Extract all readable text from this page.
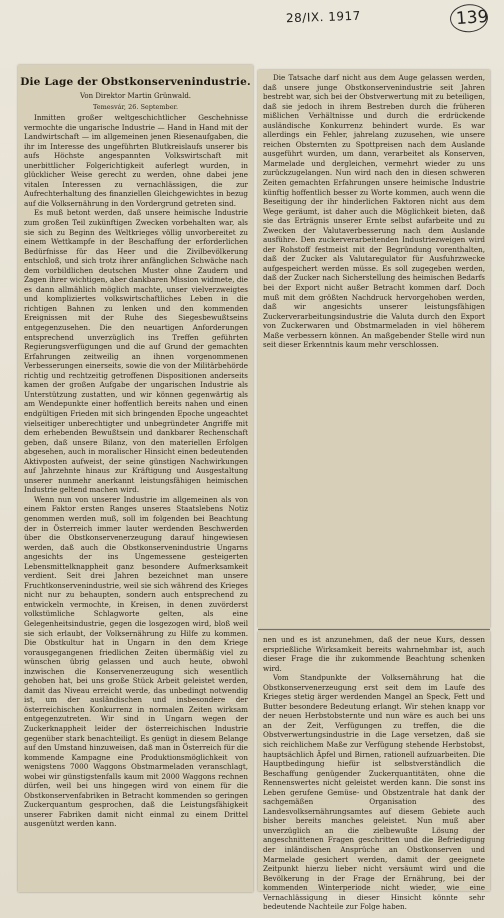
28/IX. 1917	139
Die Lage der Obstkonservenindustrie.
Von Direktor Martin Grünwald.
Temesvár, 26. September.

Inmitten großer weltgeschichtlicher Geschehnisse vermochte die ungarische Industrie — Hand in Hand mit der Landwirtschaft — im allgemeinen jenen Riesenaufgaben, die ihr im Interesse des ungeführten Blutkreislaufs unserer bis aufs Höchste angespannten Volkswirtschaft mit unerbittlicher Folgerichtigkeit auferlegt wurden, in glücklicher Weise gerecht zu werden, ohne dabei jene vitalen Interessen zu vernachlässigen, die zur Aufrechterhaltung des finanziellen Gleichgewichtes in bezug auf die Volksernährung in den Vordergrund getreten sind.

Es muß betont werden, daß unsere heimische Industrie zum großen Teil zukünftigen Zwecken vorbehalten war, als sie sich zu Beginn des Weltkrieges völlig unvorbereitet zu einem Wettkampfe in der Beschaffung der erforderlichen Bedürfnisse für das Heer und die Zivilbevölkerung entschloß, und sich trotz ihrer anfänglichen Schwäche nach dem vorbildlichen deutschen Muster ohne Zaudern und Zagen ihrer wichtigen, aber dankbaren Mission widmete, die es dann allmählich möglich machte, unser vielverzweigtes und kompliziertes volkswirtschaftliches Leben in die richtigen Bahnen zu lenken und den kommenden Ereignissen mit der Ruhe des Siegesbewußtseins entgegenzusehen. Die den neuartigen Anforderungen entsprechend unverzüglich ins Treffen geführten Regierungsverfügungen und die auf Grund der gemachten Erfahrungen zeitweilig an ihnen vorgenommenen Verbesserungen einerseits, sowie die von der Militärbehörde richtig und rechtzeitig getroffenen Dispositionen anderseits kamen der großen Aufgabe der ungarischen Industrie als Unterstützung zustatten, und wir können gegenwärtig als am Wendepunkte einer hoffentlich bereits nahen und einen endgültigen Frieden mit sich bringenden Epoche ungeachtet vielseitiger unberechtigter und unbegründeter Angriffe mit dem erhebenden Bewußtsein und dankbarer Rechenschaft geben, daß unsere Bilanz, von den materiellen Erfolgen abgesehen, auch in moralischer Hinsicht einen bedeutenden Aktivposten aufweist, der seine günstigen Nachwirkungen auf Jahrzehnte hinaus zur Kräftigung und Ausgestaltung unserer nunmehr anerkannt leistungsfähigen heimischen Industrie geltend machen wird.

Wenn nun von unserer Industrie im allgemeinen als von einem Faktor ersten Ranges unseres Staatslebens Notiz genommen werden muß, soll im folgenden bei Beachtung der in Österreich immer lauter werdenden Beschwerden über die Obstkonservenerzeugung darauf hingewiesen werden, daß auch die Obstkonservenindustrie Ungarns angesichts der ins Ungemessene gesteigerten Lebensmittelknappheit ganz besondere Aufmerksamkeit verdient. Seit drei Jahren bezeichnet man unsere Fruchtkonservenindustrie, weil sie sich während des Krieges nicht nur zu behaupten, sondern auch entsprechend zu entwickeln vermochte, in Kreisen, in denen zuvörderst volkstümliche Schlagworte gelten, als eine Gelegenheitsindustrie, gegen die losgezogen wird, bloß weil sie sich erlaubt, der Volksernährung zu Hilfe zu kommen. Die Obstkultur hat in Ungarn in den dem Kriege vorausgegangenen friedlichen Zeiten übermäßig viel zu wünschen übrig gelassen und auch heute, obwohl inzwischen die Konservenerzeugung sich wesentlich gehoben hat, bei uns große Stück Arbeit geleistet werden, damit das Niveau erreicht werde, das unbedingt notwendig ist, um der ausländischen und insbesondere der österreichischen Konkurrenz in normalen Zeiten wirksam entgegenzutreten. Wir sind in Ungarn wegen der Zuckerknappheit leider der österreichischen Industrie gegenüber stark benachteiligt. Es genügt in diesem Belange auf den Umstand hinzuweisen, daß man in Österreich für die kommende Kampagne eine Produktionsmöglichkeit von wenigstens 7000 Waggons Obstmarmeladen veranschlagt, wobei wir günstigstenfalls kaum mit 2000 Waggons rechnen dürfen, weil bei uns hingegen wird von einem für die Obstkonservenfabriken in Betracht kommenden so geringen Zuckerquantum gesprochen, daß die Leistungsfähigkeit unserer Fabriken damit nicht einmal zu einem Drittel ausgenützt werden kann.

Die Tatsache darf nicht aus dem Auge gelassen werden, daß unsere junge Obstkonservenindustrie seit Jahren bestrebt war, sich bei der Obstverwertung mit zu beteiligen, daß sie jedoch in ihrem Bestreben durch die früheren mißlichen Verhältnisse und durch die erdrückende ausländische Konkurrenz behindert wurde. Es war allerdings ein Fehler, jahrelang zuzusehen, wie unsere reichen Obsternten zu Spottpreisen nach dem Auslande ausgeführt wurden, um dann, verarbeitet als Konserven, Marmelade und dergleichen, vermehrt wieder zu uns zurückzugelangen. Nun wird nach den in diesen schweren Zeiten gemachten Erfahrungen unsere heimische Industrie künftig hoffentlich besser zu Worte kommen, auch wenn die Beseitigung der ihr hinderlichen Faktoren nicht aus dem Wege geräumt, ist daher auch die Möglichkeit bieten, daß sie das Erträgnis unserer Ernte selbst aufarbeite und zu Zwecken der Valutaverbesserung nach dem Auslande ausführe. Den zuckerverarbeitenden Industriezweigen wird der Rohstoff festmeist mit der Begründung vorenthalten, daß der Zucker als Valutaregulator für Ausfuhrzwecke aufgespeichert werden müsse. Es soll zugegeben werden, daß der Zucker nach Sicherstellung des heimischen Bedarfs bei der Export nicht außer Betracht kommen darf. Doch muß mit dem größten Nachdruck hervorgehoben werden, daß wir angesichts unserer leistungsfähigen Zuckerverarbeitungsindustrie die Valuta durch den Export von Zuckerwaren und Obstmarmeladen in viel höherem Maße verbessern können. An maßgebender Stelle wird nun seit dieser Erkenntnis kaum mehr verschlossen.

nen und es ist anzunehmen, daß der neue Kurs, dessen ersprießliche Wirksamkeit bereits wahrnehmbar ist, auch dieser Frage die ihr zukommende Beachtung schenken wird.

Vom Standpunkte der Volksernährung hat die Obstkonservenerzeugung erst seit dem im Laufe des Krieges stetig ärger werdenden Mangel an Speck, Fett und Butter besondere Bedeutung erlangt. Wir stehen knapp vor der neuen Herbstobsternte und nun wäre es auch bei uns an der Zeit, Verfügungen zu treffen, die die Obstverwertungsindustrie in die Lage versetzen, daß sie sich reichlichem Maße zur Verfügung stehende Herbstobst, hauptsächlich Äpfel und Birnen, rationell aufzuarbeiten. Die Hauptbedingung hiefür ist selbstverständlich die Beschaffung genügender Zuckerquantitäten, ohne die Rennenswertes nicht geleistet werden kann. Die sonst ins Leben gerufene Gemüse- und Obstzentrale hat dank der sachgemäßen Organisation des Landesvolksernährungsamtes auf diesem Gebiete auch bisher bereits manches geleistet. Nun muß aber unverzüglich an die zielbewußte Lösung der angeschnittenen Fragen geschritten und die Befriedigung der inländischen Ansprüche an Obstkonserven und Marmelade gesichert werden, damit der geeignete Zeitpunkt hierzu lieber nicht versäumt wird und die Bevölkerung in der Frage der Ernährung, bei der kommenden Winterperiode nicht wieder, wie eine Vernachlässigung in dieser Hinsicht könnte sehr bedeutende Nachteile zur Folge haben.
